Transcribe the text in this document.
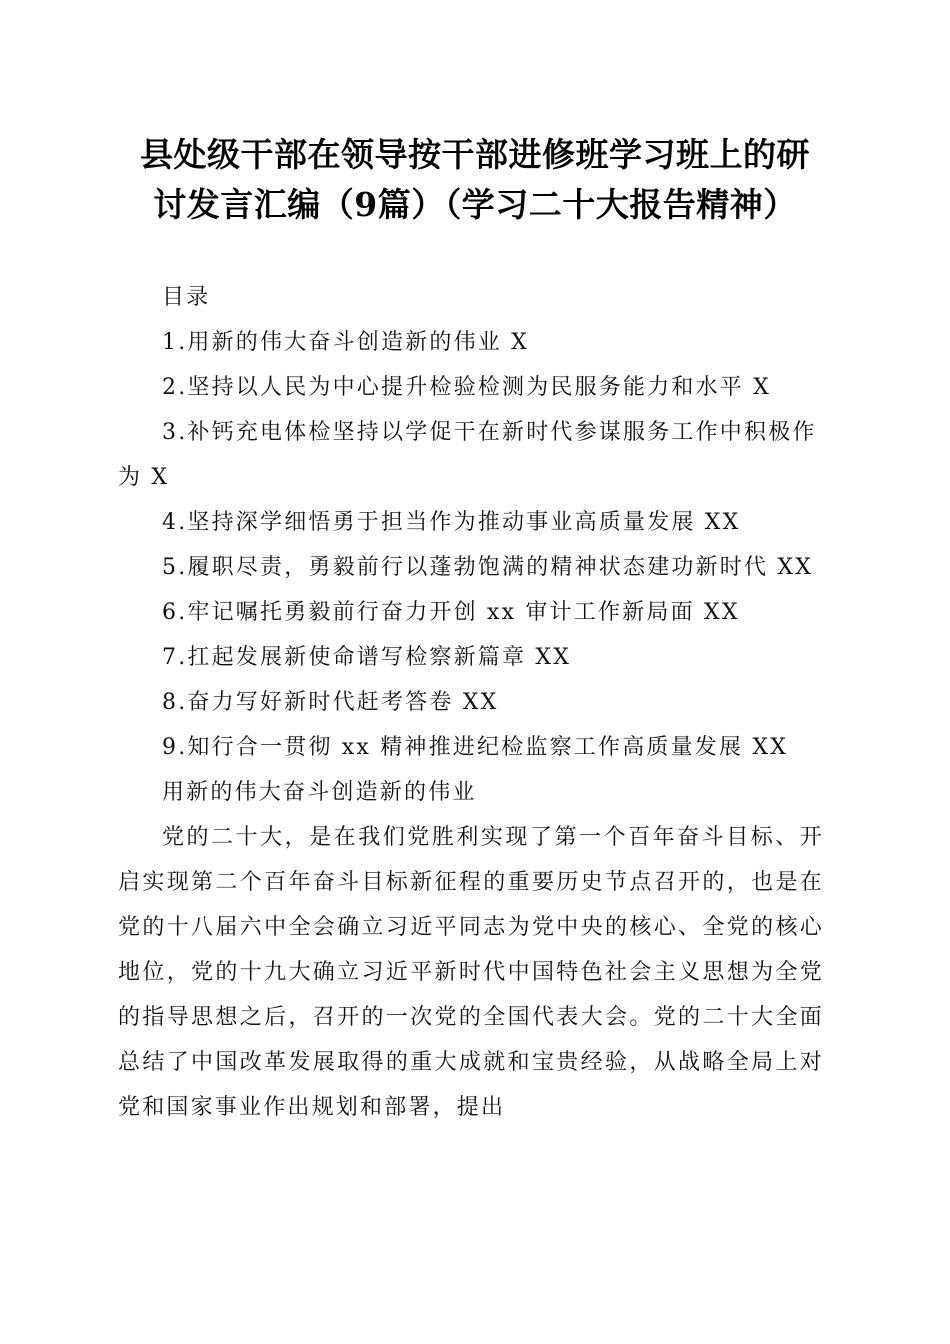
县处级干部在领导按干部进修班学习班上的研
讨发言汇编（9篇）（学习二十大报告精神）

目录

1.用新的伟大奋斗创造新的伟业 X

2.坚持以人民为中心提升检验检测为民服务能力和水平 X

3.补钙充电体检坚持以学促干在新时代参谋服务工作中积极作为 X

4.坚持深学细悟勇于担当作为推动事业高质量发展 XX

5.履职尽责，勇毅前行以蓬勃饱满的精神状态建功新时代 XX

6.牢记嘱托勇毅前行奋力开创 xx 审计工作新局面 XX

7.扛起发展新使命谱写检察新篇章 XX

8.奋力写好新时代赶考答卷 XX

9.知行合一贯彻 xx 精神推进纪检监察工作高质量发展 XX

用新的伟大奋斗创造新的伟业

党的二十大，是在我们党胜利实现了第一个百年奋斗目标、开启实现第二个百年奋斗目标新征程的重要历史节点召开的，也是在党的十八届六中全会确立习近平同志为党中央的核心、全党的核心地位，党的十九大确立习近平新时代中国特色社会主义思想为全党的指导思想之后，召开的一次党的全国代表大会。党的二十大全面总结了中国改革发展取得的重大成就和宝贵经验，从战略全局上对党和国家事业作出规划和部署，提出
